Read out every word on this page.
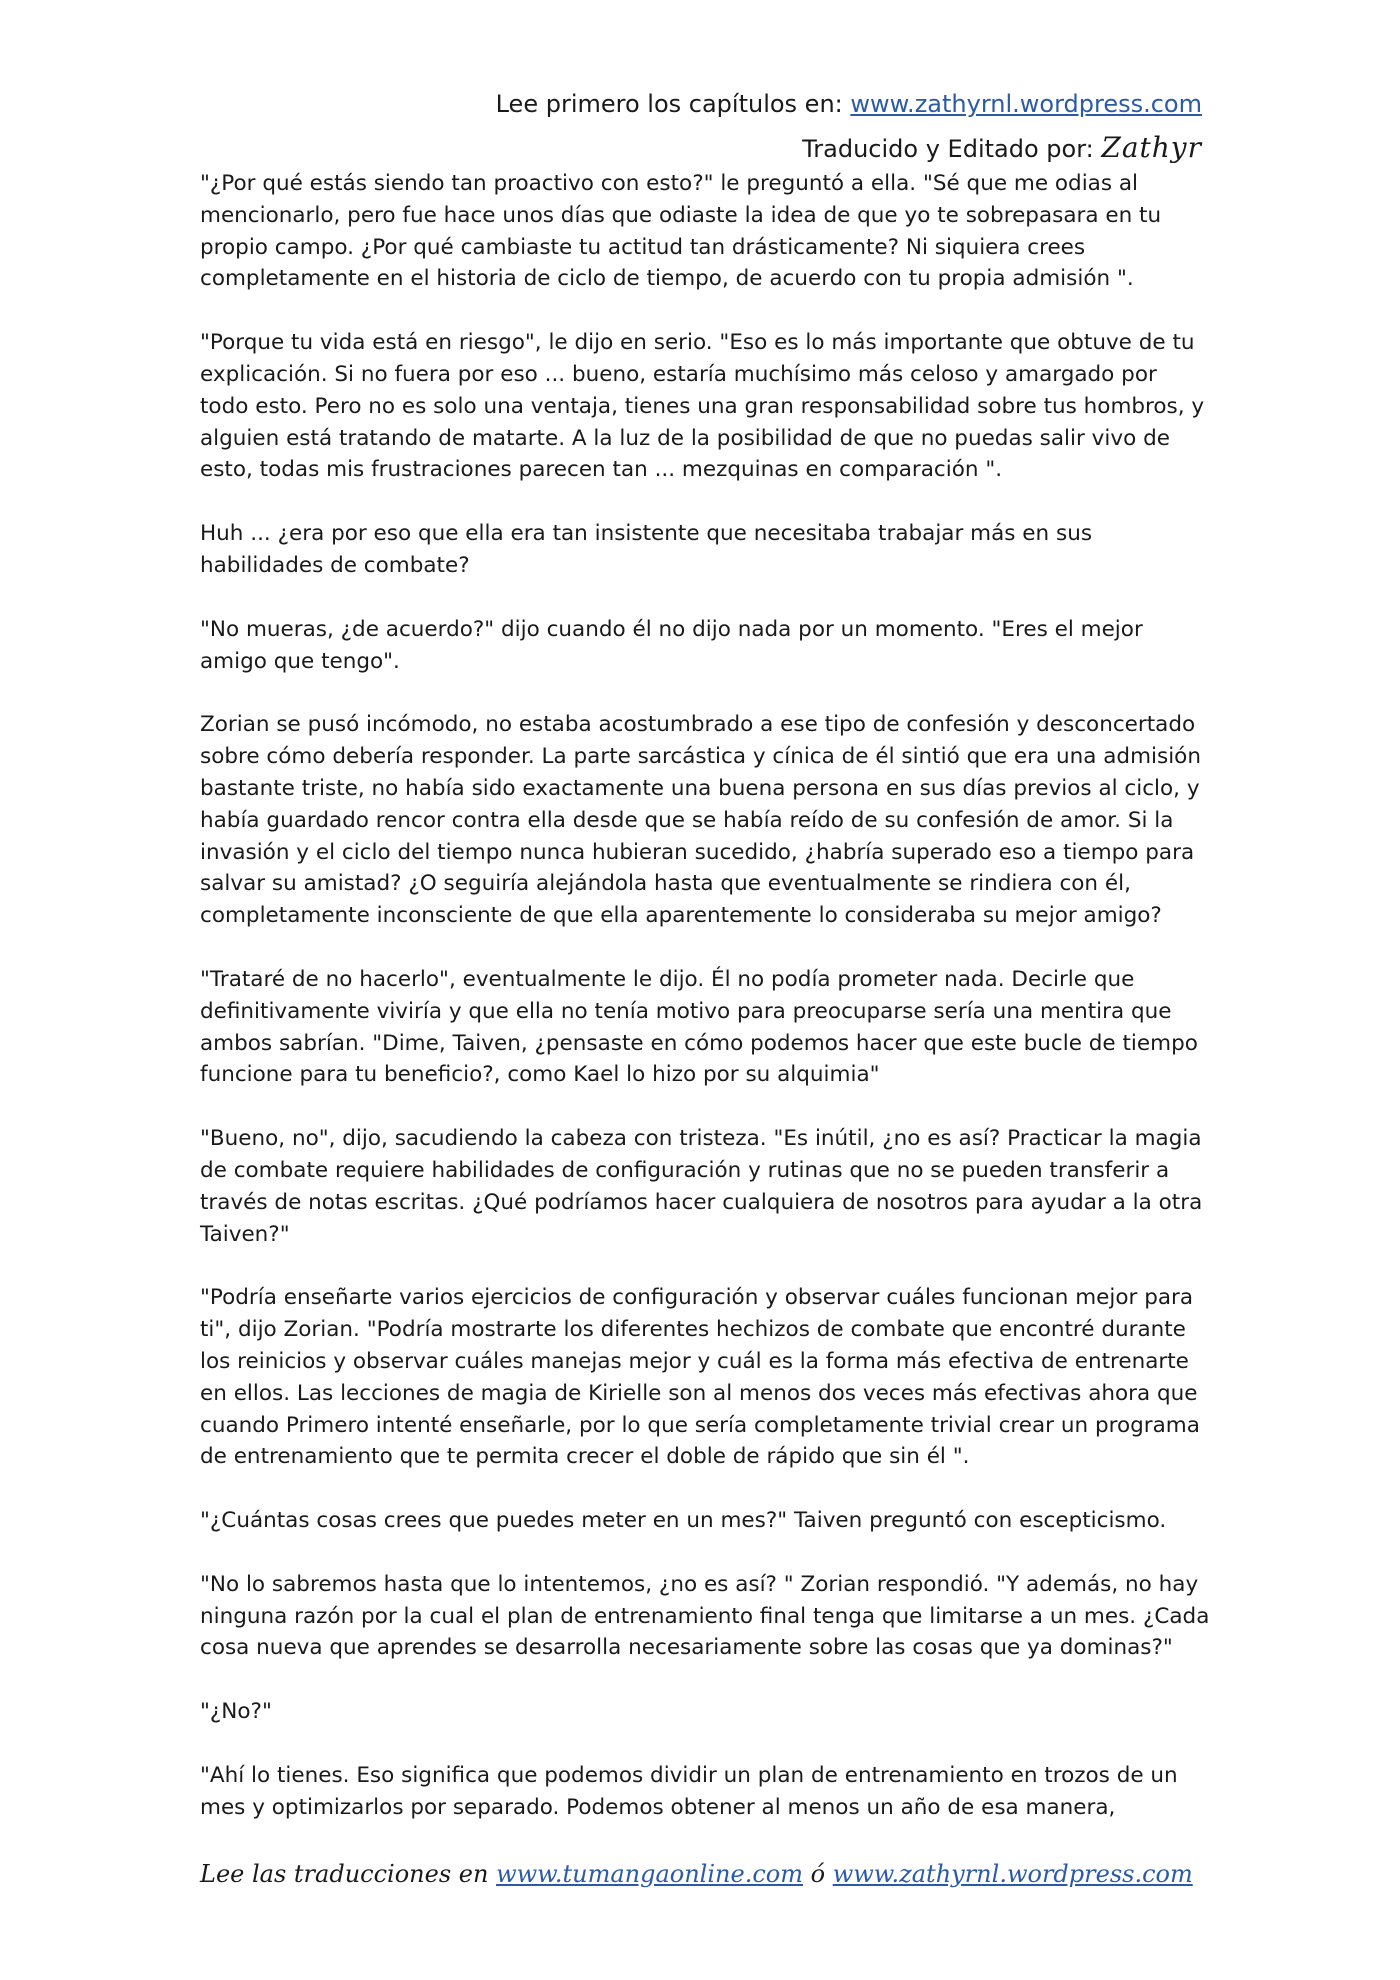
Lee primero los capítulos en: www.zathyrnl.wordpress.com
Traducido y Editado por: Zathyr

"¿Por qué estás siendo tan proactivo con esto?" le preguntó a ella. "Sé que me odias al mencionarlo, pero fue hace unos días que odiaste la idea de que yo te sobrepasara en tu propio campo. ¿Por qué cambiaste tu actitud tan drásticamente? Ni siquiera crees completamente en el historia de ciclo de tiempo, de acuerdo con tu propia admisión ".

"Porque tu vida está en riesgo", le dijo en serio. "Eso es lo más importante que obtuve de tu explicación. Si no fuera por eso ... bueno, estaría muchísimo más celoso y amargado por todo esto. Pero no es solo una ventaja, tienes una gran responsabilidad sobre tus hombros, y alguien está tratando de matarte. A la luz de la posibilidad de que no puedas salir vivo de esto, todas mis frustraciones parecen tan ... mezquinas en comparación ".

Huh ... ¿era por eso que ella era tan insistente que necesitaba trabajar más en sus habilidades de combate?

"No mueras, ¿de acuerdo?" dijo cuando él no dijo nada por un momento. "Eres el mejor amigo que tengo".

Zorian se pusó incómodo, no estaba acostumbrado a ese tipo de confesión y desconcertado sobre cómo debería responder. La parte sarcástica y cínica de él sintió que era una admisión bastante triste, no había sido exactamente una buena persona en sus días previos al ciclo, y había guardado rencor contra ella desde que se había reído de su confesión de amor. Si la invasión y el ciclo del tiempo nunca hubieran sucedido, ¿habría superado eso a tiempo para salvar su amistad? ¿O seguiría alejándola hasta que eventualmente se rindiera con él, completamente inconsciente de que ella aparentemente lo consideraba su mejor amigo?

"Trataré de no hacerlo", eventualmente le dijo. Él no podía prometer nada. Decirle que definitivamente viviría y que ella no tenía motivo para preocuparse sería una mentira que ambos sabrían. "Dime, Taiven, ¿pensaste en cómo podemos hacer que este bucle de tiempo funcione para tu beneficio?, como Kael lo hizo por su alquimia"

"Bueno, no", dijo, sacudiendo la cabeza con tristeza. "Es inútil, ¿no es así? Practicar la magia de combate requiere habilidades de configuración y rutinas que no se pueden transferir a través de notas escritas. ¿Qué podríamos hacer cualquiera de nosotros para ayudar a la otra Taiven?"

"Podría enseñarte varios ejercicios de configuración y observar cuáles funcionan mejor para ti", dijo Zorian. "Podría mostrarte los diferentes hechizos de combate que encontré durante los reinicios y observar cuáles manejas mejor y cuál es la forma más efectiva de entrenarte en ellos. Las lecciones de magia de Kirielle son al menos dos veces más efectivas ahora que cuando Primero intenté enseñarle, por lo que sería completamente trivial crear un programa de entrenamiento que te permita crecer el doble de rápido que sin él ".

"¿Cuántas cosas crees que puedes meter en un mes?" Taiven preguntó con escepticismo.

"No lo sabremos hasta que lo intentemos, ¿no es así? " Zorian respondió. "Y además, no hay ninguna razón por la cual el plan de entrenamiento final tenga que limitarse a un mes. ¿Cada cosa nueva que aprendes se desarrolla necesariamente sobre las cosas que ya dominas?"

"¿No?"

"Ahí lo tienes. Eso significa que podemos dividir un plan de entrenamiento en trozos de un mes y optimizarlos por separado. Podemos obtener al menos un año de esa manera,

Lee las traducciones en www.tumangaonline.com ó www.zathyrnl.wordpress.com
